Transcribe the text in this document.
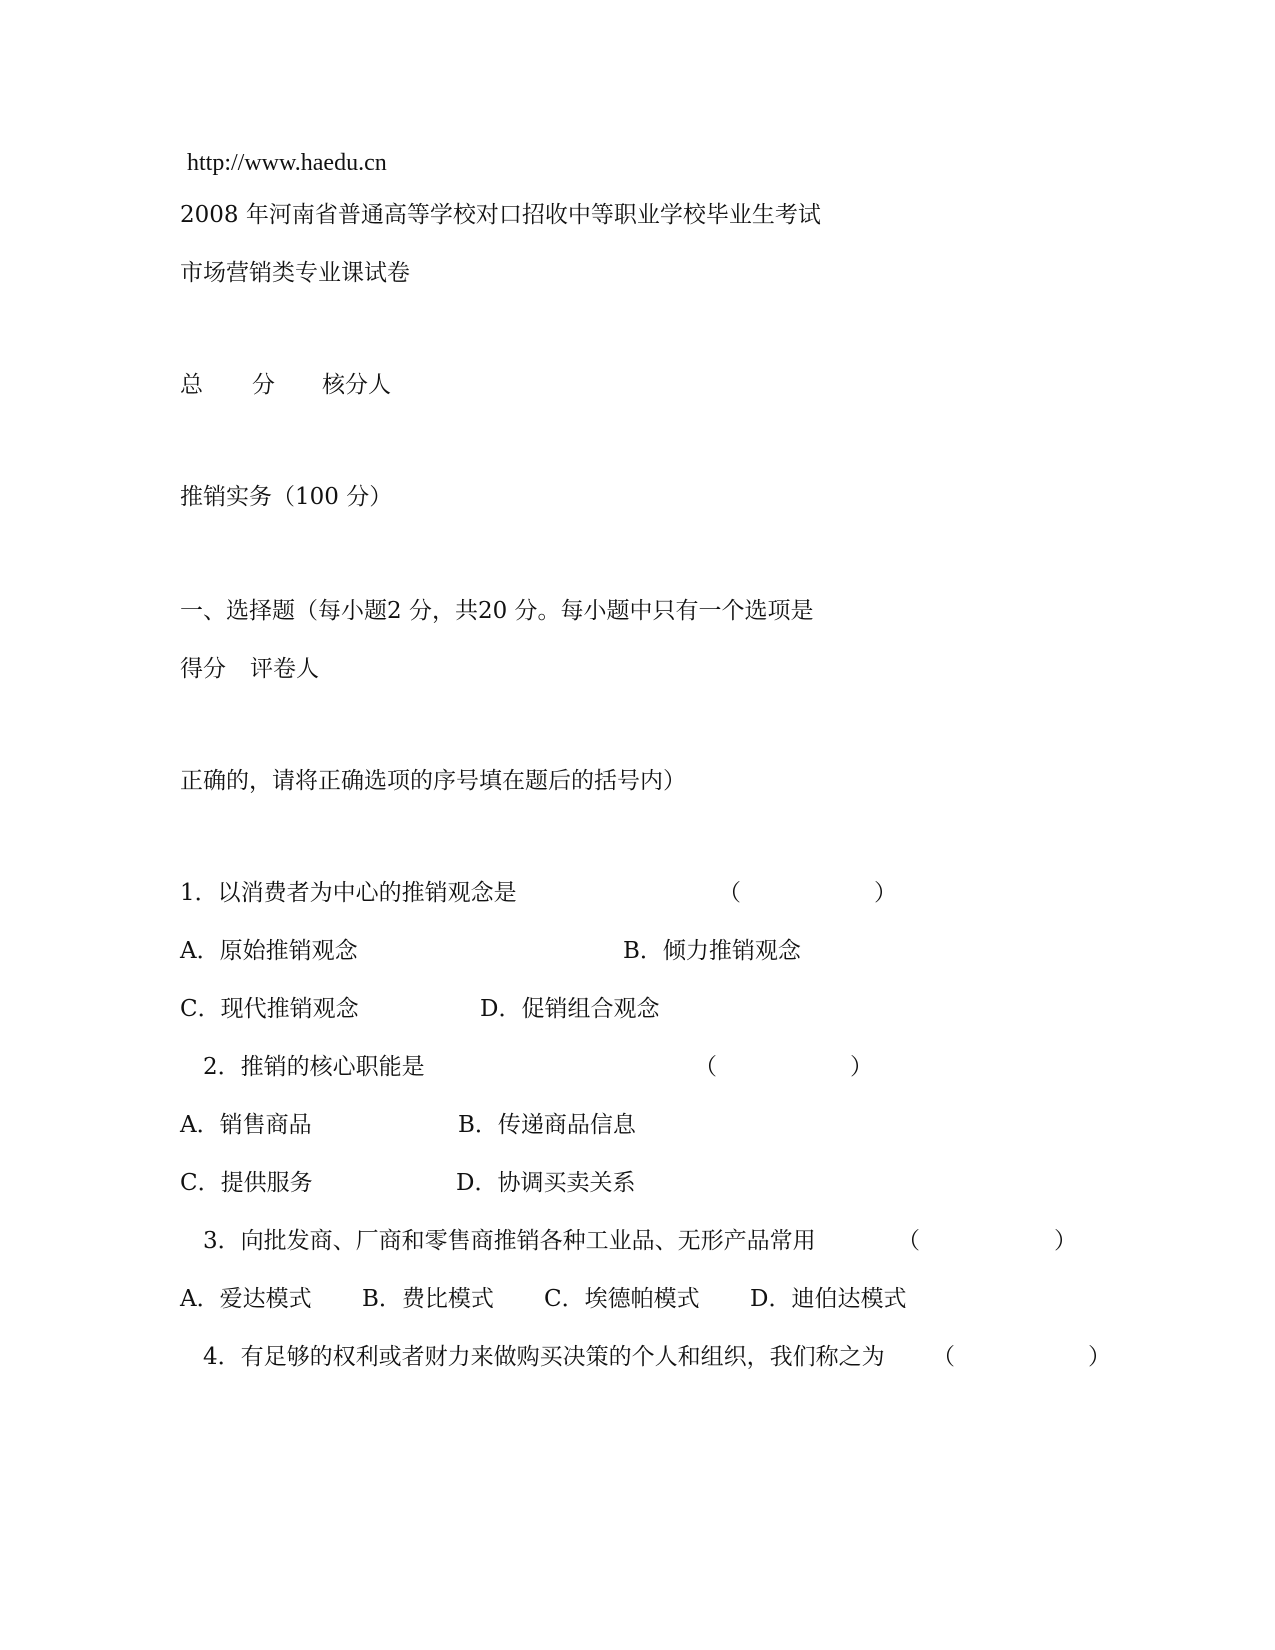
http://www.haedu.cn

2008 年河南省普通高等学校对口招收中等职业学校毕业生考试

市场营销类专业课试卷

总 分 核分人

推销实务（100 分）

一、选择题（每小题2 分，共20 分。每小题中只有一个选项是

得分 评卷人

正确的，请将正确选项的序号填在题后的括号内）

1．以消费者为中心的推销观念是	（	）
A．原始推销观念	B．倾力推销观念
C．现代推销观念	D．促销组合观念
2．推销的核心职能是	（	）
A．销售商品	B．传递商品信息
C．提供服务	D．协调买卖关系
3．向批发商、厂商和零售商推销各种工业品、无形产品常用	（	）
A．爱达模式 B．费比模式 C．埃德帕模式 D．迪伯达模式
4．有足够的权利或者财力来做购买决策的个人和组织，我们称之为 （	）
